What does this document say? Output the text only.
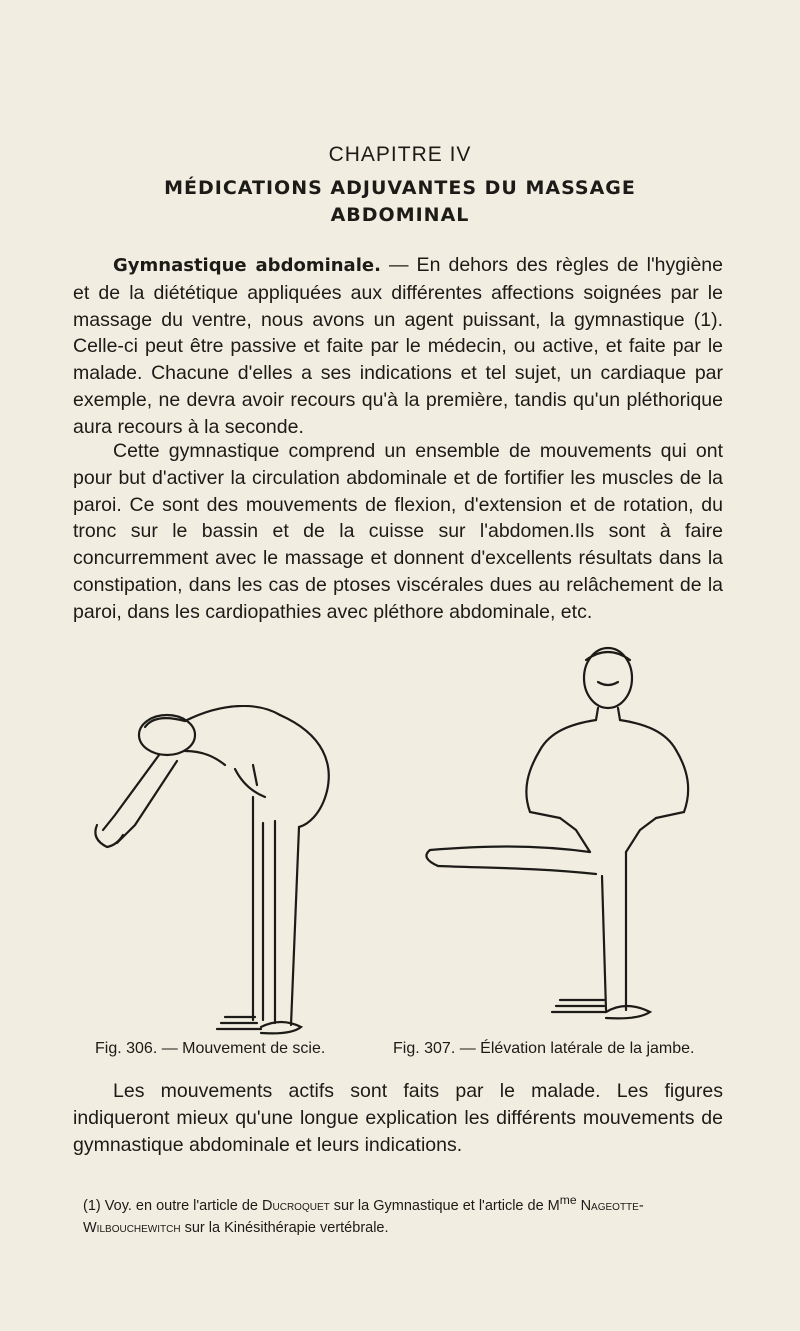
CHAPITRE IV
MÉDICATIONS ADJUVANTES DU MASSAGE ABDOMINAL

Gymnastique abdominale. — En dehors des règles de l'hygiène et de la diététique appliquées aux différentes affections soignées par le massage du ventre, nous avons un agent puissant, la gymnastique (1). Celle-ci peut être passive et faite par le médecin, ou active, et faite par le malade. Chacune d'elles a ses indications et tel sujet, un cardiaque par exemple, ne devra avoir recours qu'à la première, tandis qu'un pléthorique aura recours à la seconde.

Cette gymnastique comprend un ensemble de mouvements qui ont pour but d'activer la circulation abdominale et de fortifier les muscles de la paroi. Ce sont des mouvements de flexion, d'extension et de rotation, du tronc sur le bassin et de la cuisse sur l'abdomen.Ils sont à faire concurremment avec le massage et donnent d'excellents résultats dans la constipation, dans les cas de ptoses viscérales dues au relâchement de la paroi, dans les cardiopathies avec pléthore abdominale, etc.

Fig. 306. — Mouvement de scie.	Fig. 307. — Élévation latérale de la jambe.

Les mouvements actifs sont faits par le malade. Les figures indiqueront mieux qu'une longue explication les différents mouvements de gymnastique abdominale et leurs indications.

(1) Voy. en outre l'article de Ducroquet sur la Gymnastique et l'article de $M^{me}$ Nageotte-Wilbouchewitch sur la Kinésithérapie vertébrale.
